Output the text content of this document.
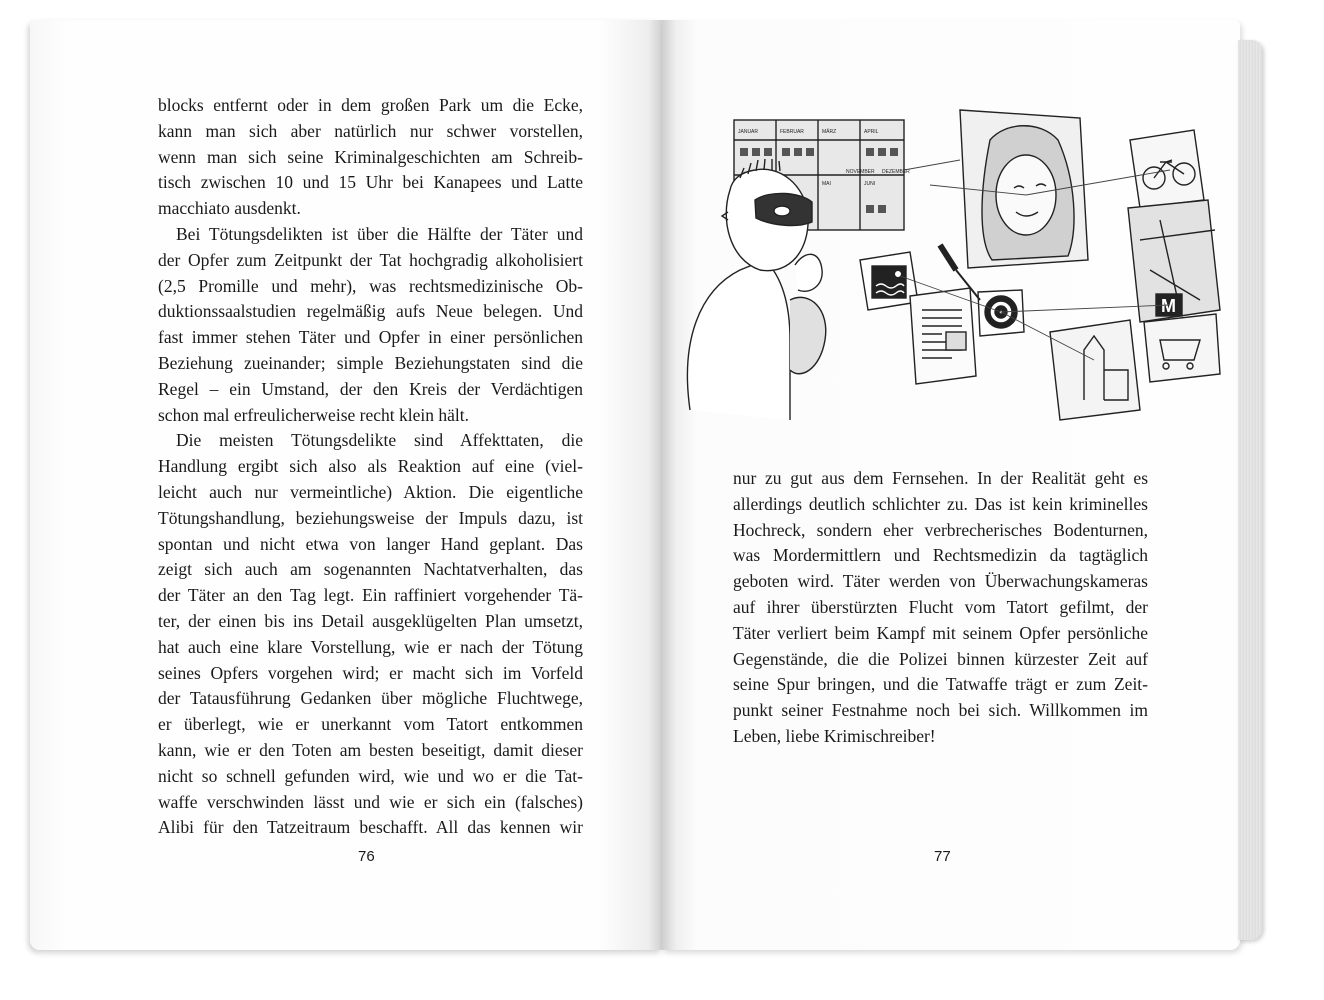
blocks entfernt oder in dem großen Park um die Ecke,
kann man sich aber natürlich nur schwer vorstellen,
wenn man sich seine Kriminalgeschichten am Schreib-
tisch zwischen 10 und 15 Uhr bei Kanapees und Latte
macchiato ausdenkt.
Bei Tötungsdelikten ist über die Hälfte der Täter und
der Opfer zum Zeitpunkt der Tat hochgradig alkoholisiert
(2,5 Promille und mehr), was rechtsmedizinische Ob-
duktionssaalstudien regelmäßig aufs Neue belegen. Und
fast immer stehen Täter und Opfer in einer persönlichen
Beziehung zueinander; simple Beziehungstaten sind die
Regel – ein Umstand, der den Kreis der Verdächtigen
schon mal erfreulicherweise recht klein hält.
Die meisten Tötungsdelikte sind Affekttaten, die
Handlung ergibt sich also als Reaktion auf eine (viel-
leicht auch nur vermeintliche) Aktion. Die eigentliche
Tötungshandlung, beziehungsweise der Impuls dazu, ist
spontan und nicht etwa von langer Hand geplant. Das
zeigt sich auch am sogenannten Nachtatverhalten, das
der Täter an den Tag legt. Ein raffiniert vorgehender Tä-
ter, der einen bis ins Detail ausgeklügelten Plan umsetzt,
hat auch eine klare Vorstellung, wie er nach der Tötung
seines Opfers vorgehen wird; er macht sich im Vorfeld
der Tatausführung Gedanken über mögliche Fluchtwege,
er überlegt, wie er unerkannt vom Tatort entkommen
kann, wie er den Toten am besten beseitigt, damit dieser
nicht so schnell gefunden wird, wie und wo er die Tat-
waffe verschwinden lässt und wie er sich ein (falsches)
Alibi für den Tatzeitraum beschafft. All das kennen wir
76
JANUAR	FEBRUAR	MÄRZ	APRIL
MAI	JUNI
NOVEMBER DEZEMBER
M
nur zu gut aus dem Fernsehen. In der Realität geht es
allerdings deutlich schlichter zu. Das ist kein kriminelles
Hochreck, sondern eher verbrecherisches Bodenturnen,
was Mordermittlern und Rechtsmedizin da tagtäglich
geboten wird. Täter werden von Überwachungskameras
auf ihrer überstürzten Flucht vom Tatort gefilmt, der
Täter verliert beim Kampf mit seinem Opfer persönliche
Gegenstände, die die Polizei binnen kürzester Zeit auf
seine Spur bringen, und die Tatwaffe trägt er zum Zeit-
punkt seiner Festnahme noch bei sich. Willkommen im
Leben, liebe Krimischreiber!
77
